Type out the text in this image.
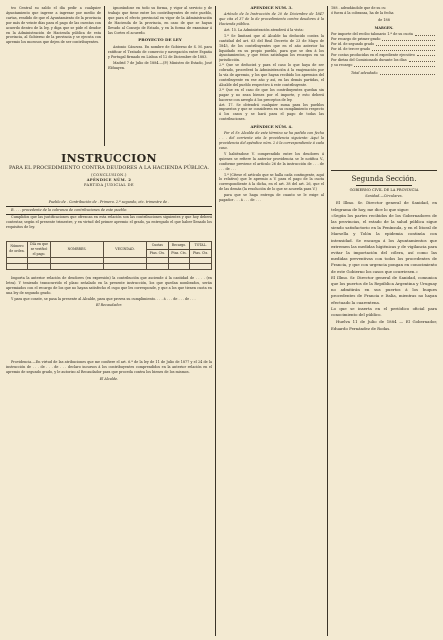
tro Central su saldo el día pedir a cualquier Ayuntamiento que ingrese a ingresar por medio de cartas, rendido de que el Ayuntamiento de la provincia por más de veinte días para el pago de las cuentas con acuerdo dentro de la ley, y diga que se pide el deudor en la Administración de Hacienda pública de esta provincia, al Gobierno de la provincia y se ejecuta con apremio los morosos que dejen de ser contribuyentes.

ignorándose en todo su forma, y vigor al servicio y de trabajo que tiene entre los contribuyentes de este pueblo, que para el efecto provincial en vigor de la Administración de Hacienda de la provincia, en caso de que se hayan llevado al Consejo de Estado, y en la forma de examinar á las Cortes el acuerdo.

PROYECTO DE LEY

Antonio Cánovas. En nombre de Gobierno de S. M. para ratificar el Tratado de comercio y navegación entre España y Portugal firmado en Lisboa el 12 de Diciembre de 1883.

Madrid 7 de Julio de 1884.—(P.) Ministro de Estado, José Elduayen.

INSTRUCCION
PARA EL PROCEDIMIENTO CONTRA DEUDORES A LA HACIENDA PÚBLICA.
(CONCLUSION.)
APÉNDICE NÚM. 2
PARTIDA JUDICIAL DE

Pueblo de . Contribución de . Primero. 2.º segundo, etc. trimestre de .

R. . . . procedente de la cobranza de contribuciones de este pueblo:

Cumplidos que las justificaciones que ofrezcan en esta relación son las contribuciones siguientes y que hoy deberá contestar, según el presente trimestre, y en virtud del primer apremio el grado, ya entregado el que haber llenado los requisitos de ley.

Número de orden.	DIA en que se verificó el pago.	NOMBRES.	VECINDAD.	Cuotas	Recargo.	TOTAL.
				Ptas. Cts.	Ptas. Cts.	Ptas. Cts.

Importa la anterior relación de deudores (en expresión) la contribución que asciende á la cantidad de . . . . (en letra). Y teniendo transcurrido el plazo señalado en la presente instrucción, los que quedan nombrados, serán apremiados con el recargo de los que no hayan satisfecho el cupo que les corresponde, y que a los que tienen cuota en una ley de segundo grado.

Y para que conste, se pasa la presente al Alcalde, para que provea su cumplimiento. . . . á . . . de . . . de . . .

El Recaudador.

Providencia.—En virtud de las atribuciones que me confiere el art. 6.º de la ley de 11 de Julio de 1877 y el 24 de la instrucción de . . . de . . . de . . . declaro incursos á los contribuyentes comprendidos en la anterior relación en el apremio de segundo grado, y le autorizo al Recaudador para que proceda contra los bienes de los mismos.

El Alcalde.

APÉNDICE NÚM. 3.

Artículo de la Instrucción de 20 de Diciembre de 1847 que cita el 37 de la de procedimiento contra deudores á la Hacienda pública.

Art. 15. La Administración atenderá á la vista:

1.º Se limitará que al Alcalde ha deducido contra la cantidad del art. 63 del Real Decreto de 23 de Mayo de 1845, de los contribuyentes que en el año anterior ha liquidado en su propio pueblo, para que se den á los Ayuntamientos, y que éstos satisfagan los recargos en su jurisdicción.
2.º Que se deducirá y para el caso lo que haya de ser cobrado, procederá la Administración á la enajenación por la vía de apremio, y los que hayan recibido los apremios del contribuyente en ese año y así, en las demás partidas, el Alcalde del pueblo respectivo á este contribuyente.
3.º Que en el caso de que los contribuyentes quedan sin pagar y no sean bienes por el importe, y esto deberá hacerse con arreglo á los preceptos de ley.
Art. 17. Se obtendrá cualquier suma para los pueblos impuestos y que se consideren en su cumplimiento respecto á los casos y se hará para el pago de todas las contribuciones.

APÉNDICE NÚM. 4.

Por el Sr. Alcalde de este término se ha pedido con fecha . . . del corriente año la providencia siguiente: Aquí la providencia del apéndice núm. 2 ó la correspondiente á cada caso.

Y habiéndose V. comprendido entre los deudores á quienes se refiere la anterior providencia se le notifica V., conforme previene el artículo 26 de la instrucción de . . . de . . . de . . .

1.º (Cítese el artículo que se halla cada contingente, aquí lo relativo) que le apremio a V. para el pago de la cuota correspondiente á la dicha, en el art. 38 del art. 26, que el de las demás (la resolución de lo que se acuerda para V.)

para que se haga entrega de cuanto se le exige al pagador . . . á . . . de . . .

188 . adeudándole que de su cu
ó fuera á la cobranza, ha de la fecha
de 188
MARGEN.
Por importe del recibo talonario 1.º de su cuota
Por recargo de primer grado
Por id. de segundo grado
Por id. de tercer grado
Por costas producidas en el expediente ejecutivo
Por dietas del Comisionado durante los días
y su recargo
Total adeudado.
Segunda Sección.

GOBIERNO CIVIL DE LA PROVINCIA

Sanidad.—Circulares.

El Illmo. Sr. Director general de Sanidad, en telegrama de hoy, me dice lo que sigue:
«Según los partes recibidos de los Gobernadores de las provincias, el estado de la salud pública sigue siendo satisfactorio en la Península, y en el litoral de Marsella y Tolón la epidemia continúa con intensidad. Se encarga á los Ayuntamientos que extremen las medidas higiénicas y de vigilancia para evitar la importación del cólera, así como las medidas preventivas con todos los procedentes de Francia, y que con urgencia pongan en conocimiento de este Gobierno los casos que ocurriesen.»
El Illmo. Sr. Director general de Sanidad, comunica que los puertos de la República Argentina y Uruguay no admitirán en sus puertos á los buques procedentes de Francia e Italia, mientras no hayan efectuado la cuarentena.
Lo que se inserta en el periódico oficial para conocimiento del público.

Huelva 11 de Julio de 1884 — El Gobernador, Eduardo Fernández de Rodas.
